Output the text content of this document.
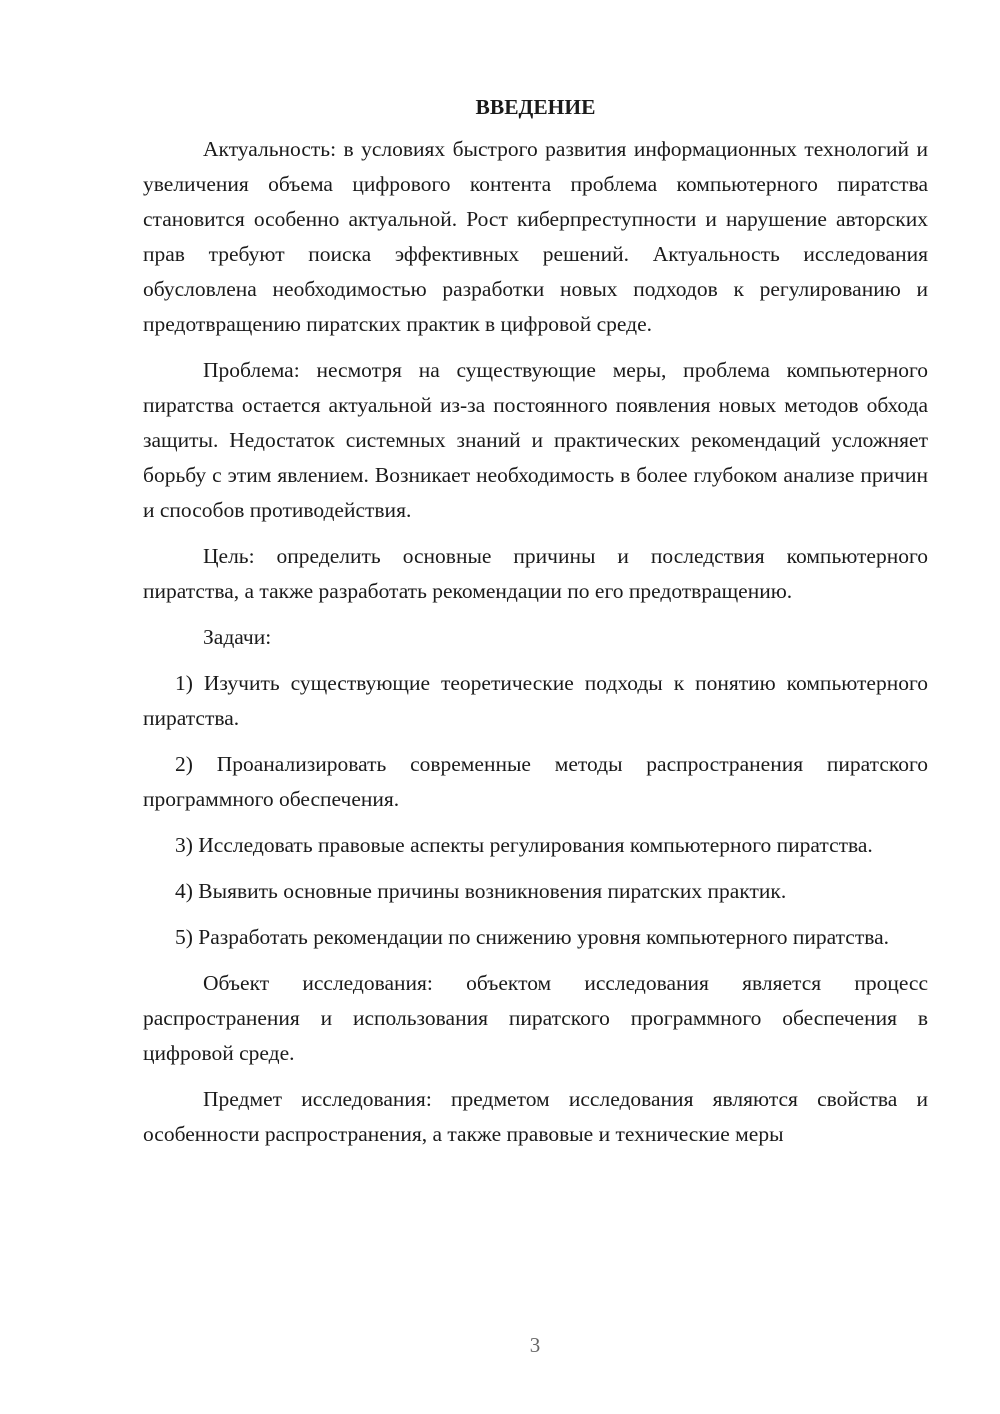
ВВЕДЕНИЕ

Актуальность: в условиях быстрого развития информационных технологий и увеличения объема цифрового контента проблема компьютерного пиратства становится особенно актуальной. Рост киберпреступности и нарушение авторских прав требуют поиска эффективных решений. Актуальность исследования обусловлена необходимостью разработки новых подходов к регулированию и предотвращению пиратских практик в цифровой среде.

Проблема: несмотря на существующие меры, проблема компьютерного пиратства остается актуальной из-за постоянного появления новых методов обхода защиты. Недостаток системных знаний и практических рекомендаций усложняет борьбу с этим явлением. Возникает необходимость в более глубоком анализе причин и способов противодействия.

Цель: определить основные причины и последствия компьютерного пиратства, а также разработать рекомендации по его предотвращению.

Задачи:

1) Изучить существующие теоретические подходы к понятию компьютерного пиратства.

2) Проанализировать современные методы распространения пиратского программного обеспечения.

3) Исследовать правовые аспекты регулирования компьютерного пиратства.

4) Выявить основные причины возникновения пиратских практик.

5) Разработать рекомендации по снижению уровня компьютерного пиратства.

Объект исследования: объектом исследования является процесс распространения и использования пиратского программного обеспечения в цифровой среде.

Предмет исследования: предметом исследования являются свойства и особенности распространения, а также правовые и технические меры

3
